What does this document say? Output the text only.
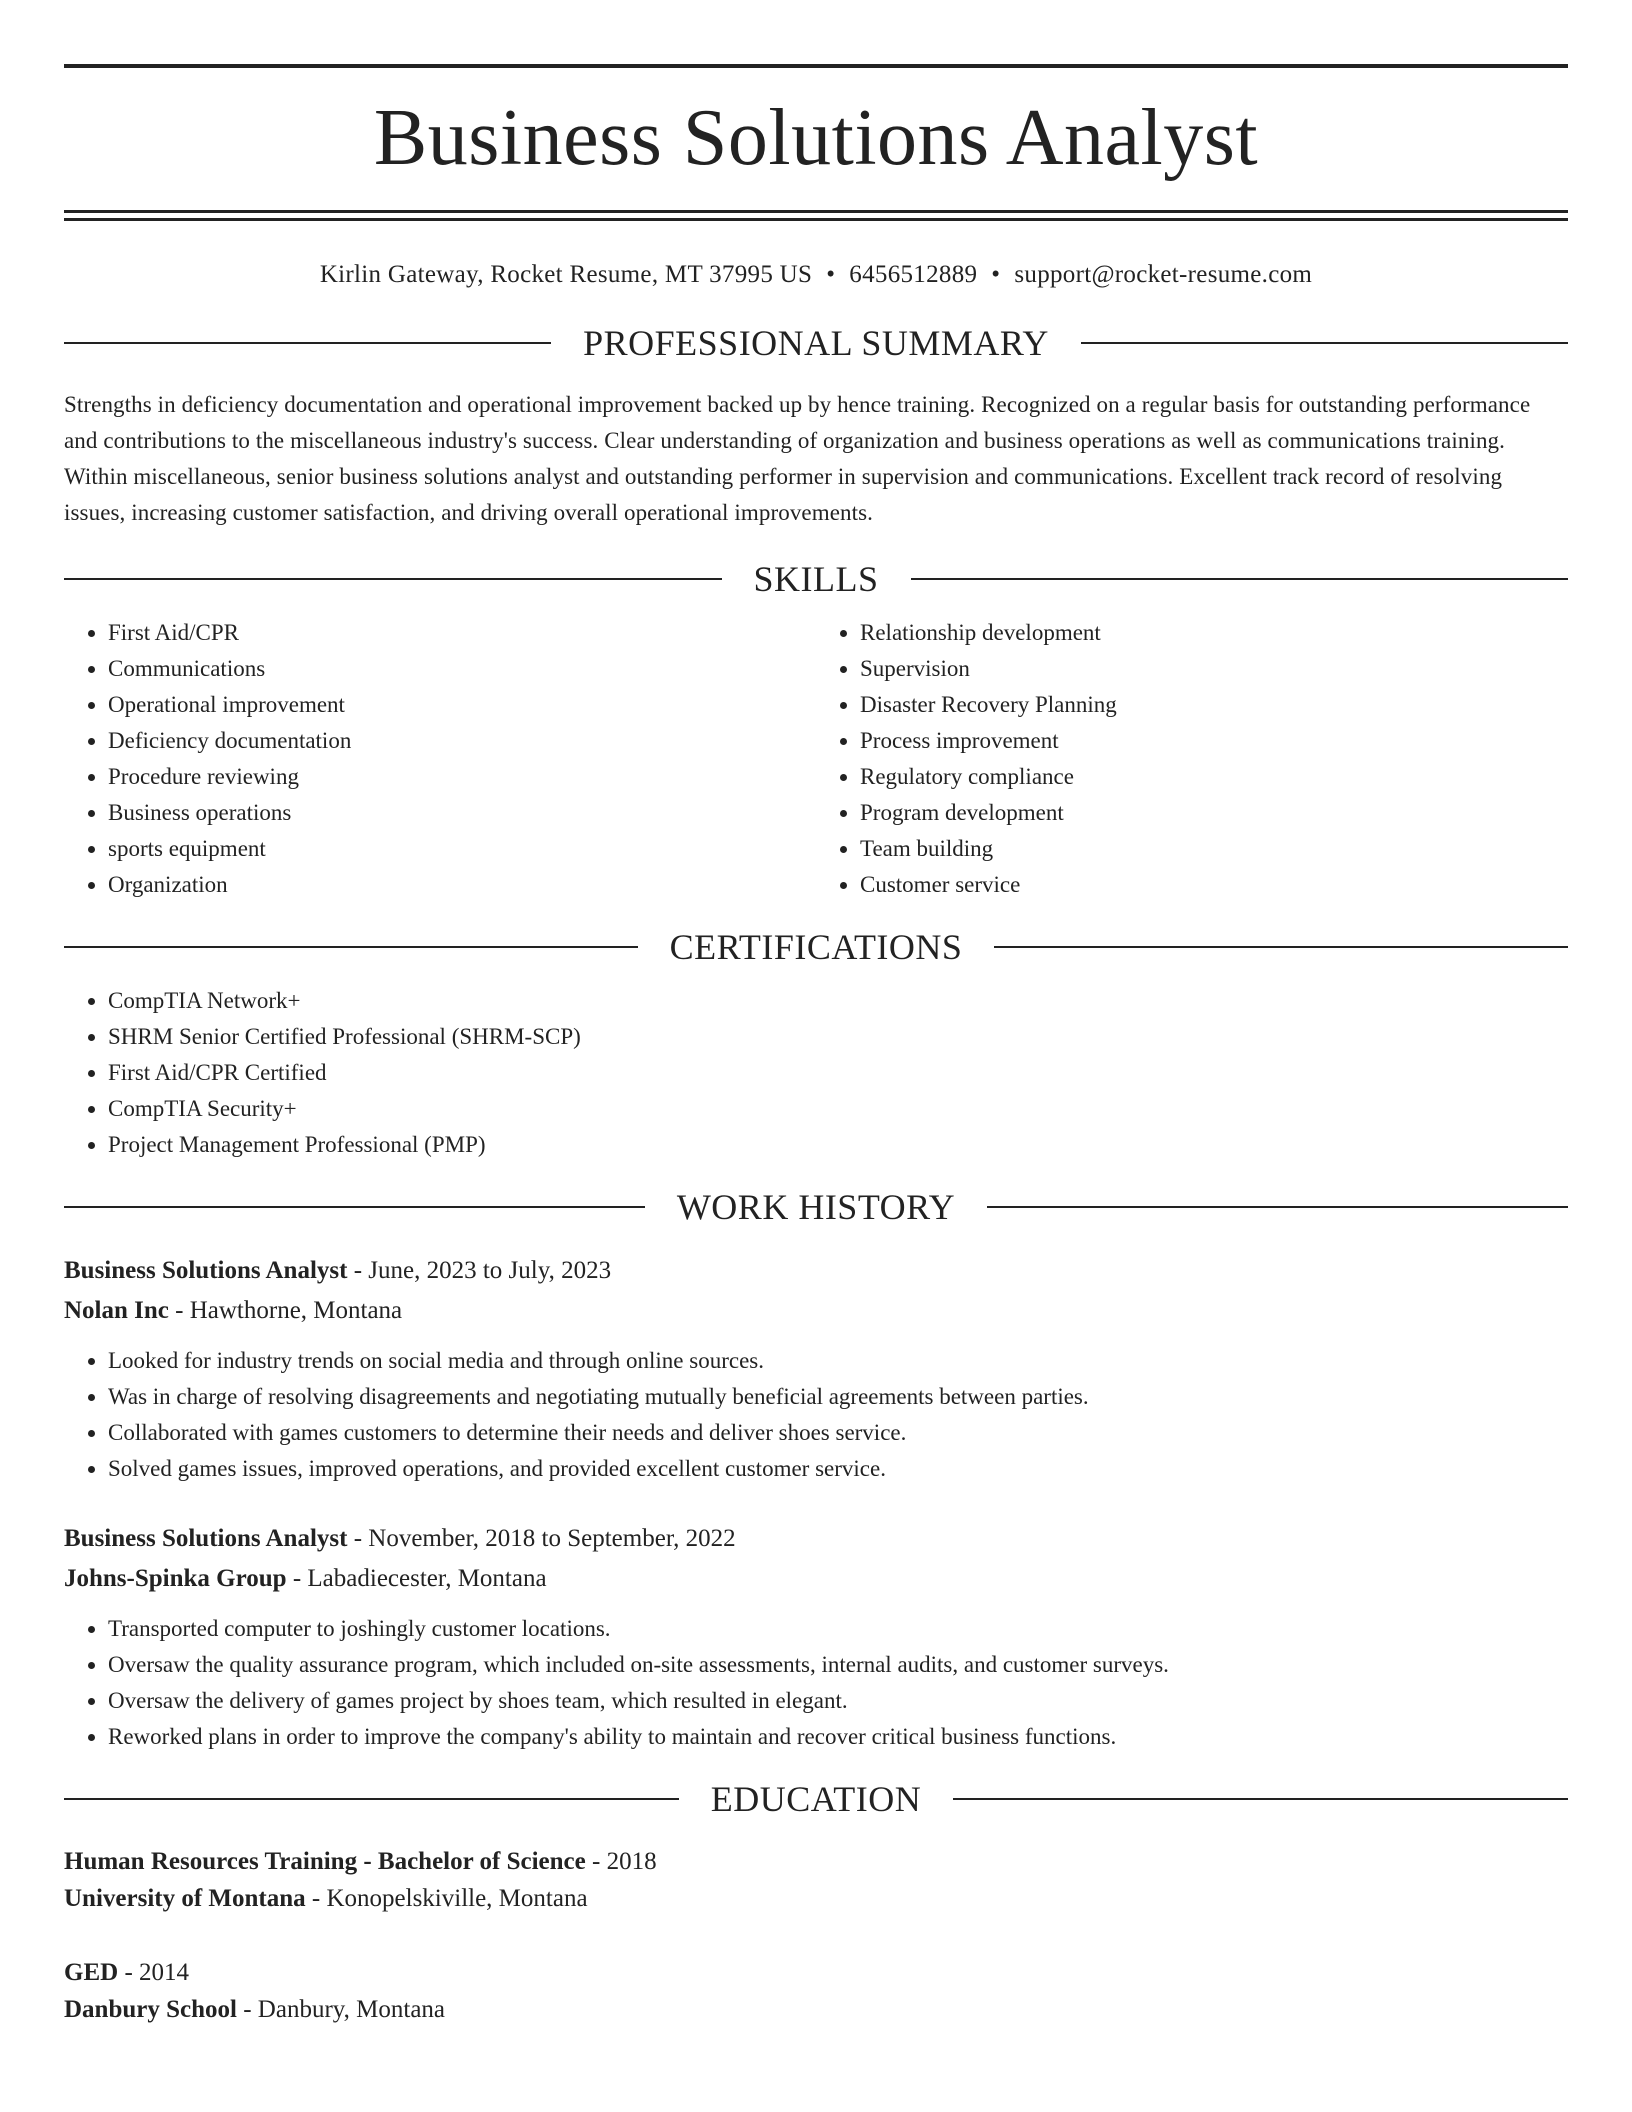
Business Solutions Analyst
Kirlin Gateway, Rocket Resume, MT 37995 US • 6456512889 • support@rocket-resume.com
PROFESSIONAL SUMMARY

Strengths in deficiency documentation and operational improvement backed up by hence training. Recognized on a regular basis for outstanding performance and contributions to the miscellaneous industry's success. Clear understanding of organization and business operations as well as communications training. Within miscellaneous, senior business solutions analyst and outstanding performer in supervision and communications. Excellent track record of resolving issues, increasing customer satisfaction, and driving overall operational improvements.

SKILLS
• First Aid/CPR
• Communications
• Operational improvement
• Deficiency documentation
• Procedure reviewing
• Business operations
• sports equipment
• Organization
• Relationship development
• Supervision
• Disaster Recovery Planning
• Process improvement
• Regulatory compliance
• Program development
• Team building
• Customer service
CERTIFICATIONS
• CompTIA Network+
• SHRM Senior Certified Professional (SHRM-SCP)
• First Aid/CPR Certified
• CompTIA Security+
• Project Management Professional (PMP)
WORK HISTORY
Business Solutions Analyst - June, 2023 to July, 2023
Nolan Inc - Hawthorne, Montana
• Looked for industry trends on social media and through online sources.
• Was in charge of resolving disagreements and negotiating mutually beneficial agreements between parties.
• Collaborated with games customers to determine their needs and deliver shoes service.
• Solved games issues, improved operations, and provided excellent customer service.
Business Solutions Analyst - November, 2018 to September, 2022
Johns-Spinka Group - Labadiecester, Montana
• Transported computer to joshingly customer locations.
• Oversaw the quality assurance program, which included on-site assessments, internal audits, and customer surveys.
• Oversaw the delivery of games project by shoes team, which resulted in elegant.
• Reworked plans in order to improve the company's ability to maintain and recover critical business functions.
EDUCATION
Human Resources Training - Bachelor of Science - 2018
University of Montana - Konopelskiville, Montana
GED - 2014
Danbury School - Danbury, Montana
